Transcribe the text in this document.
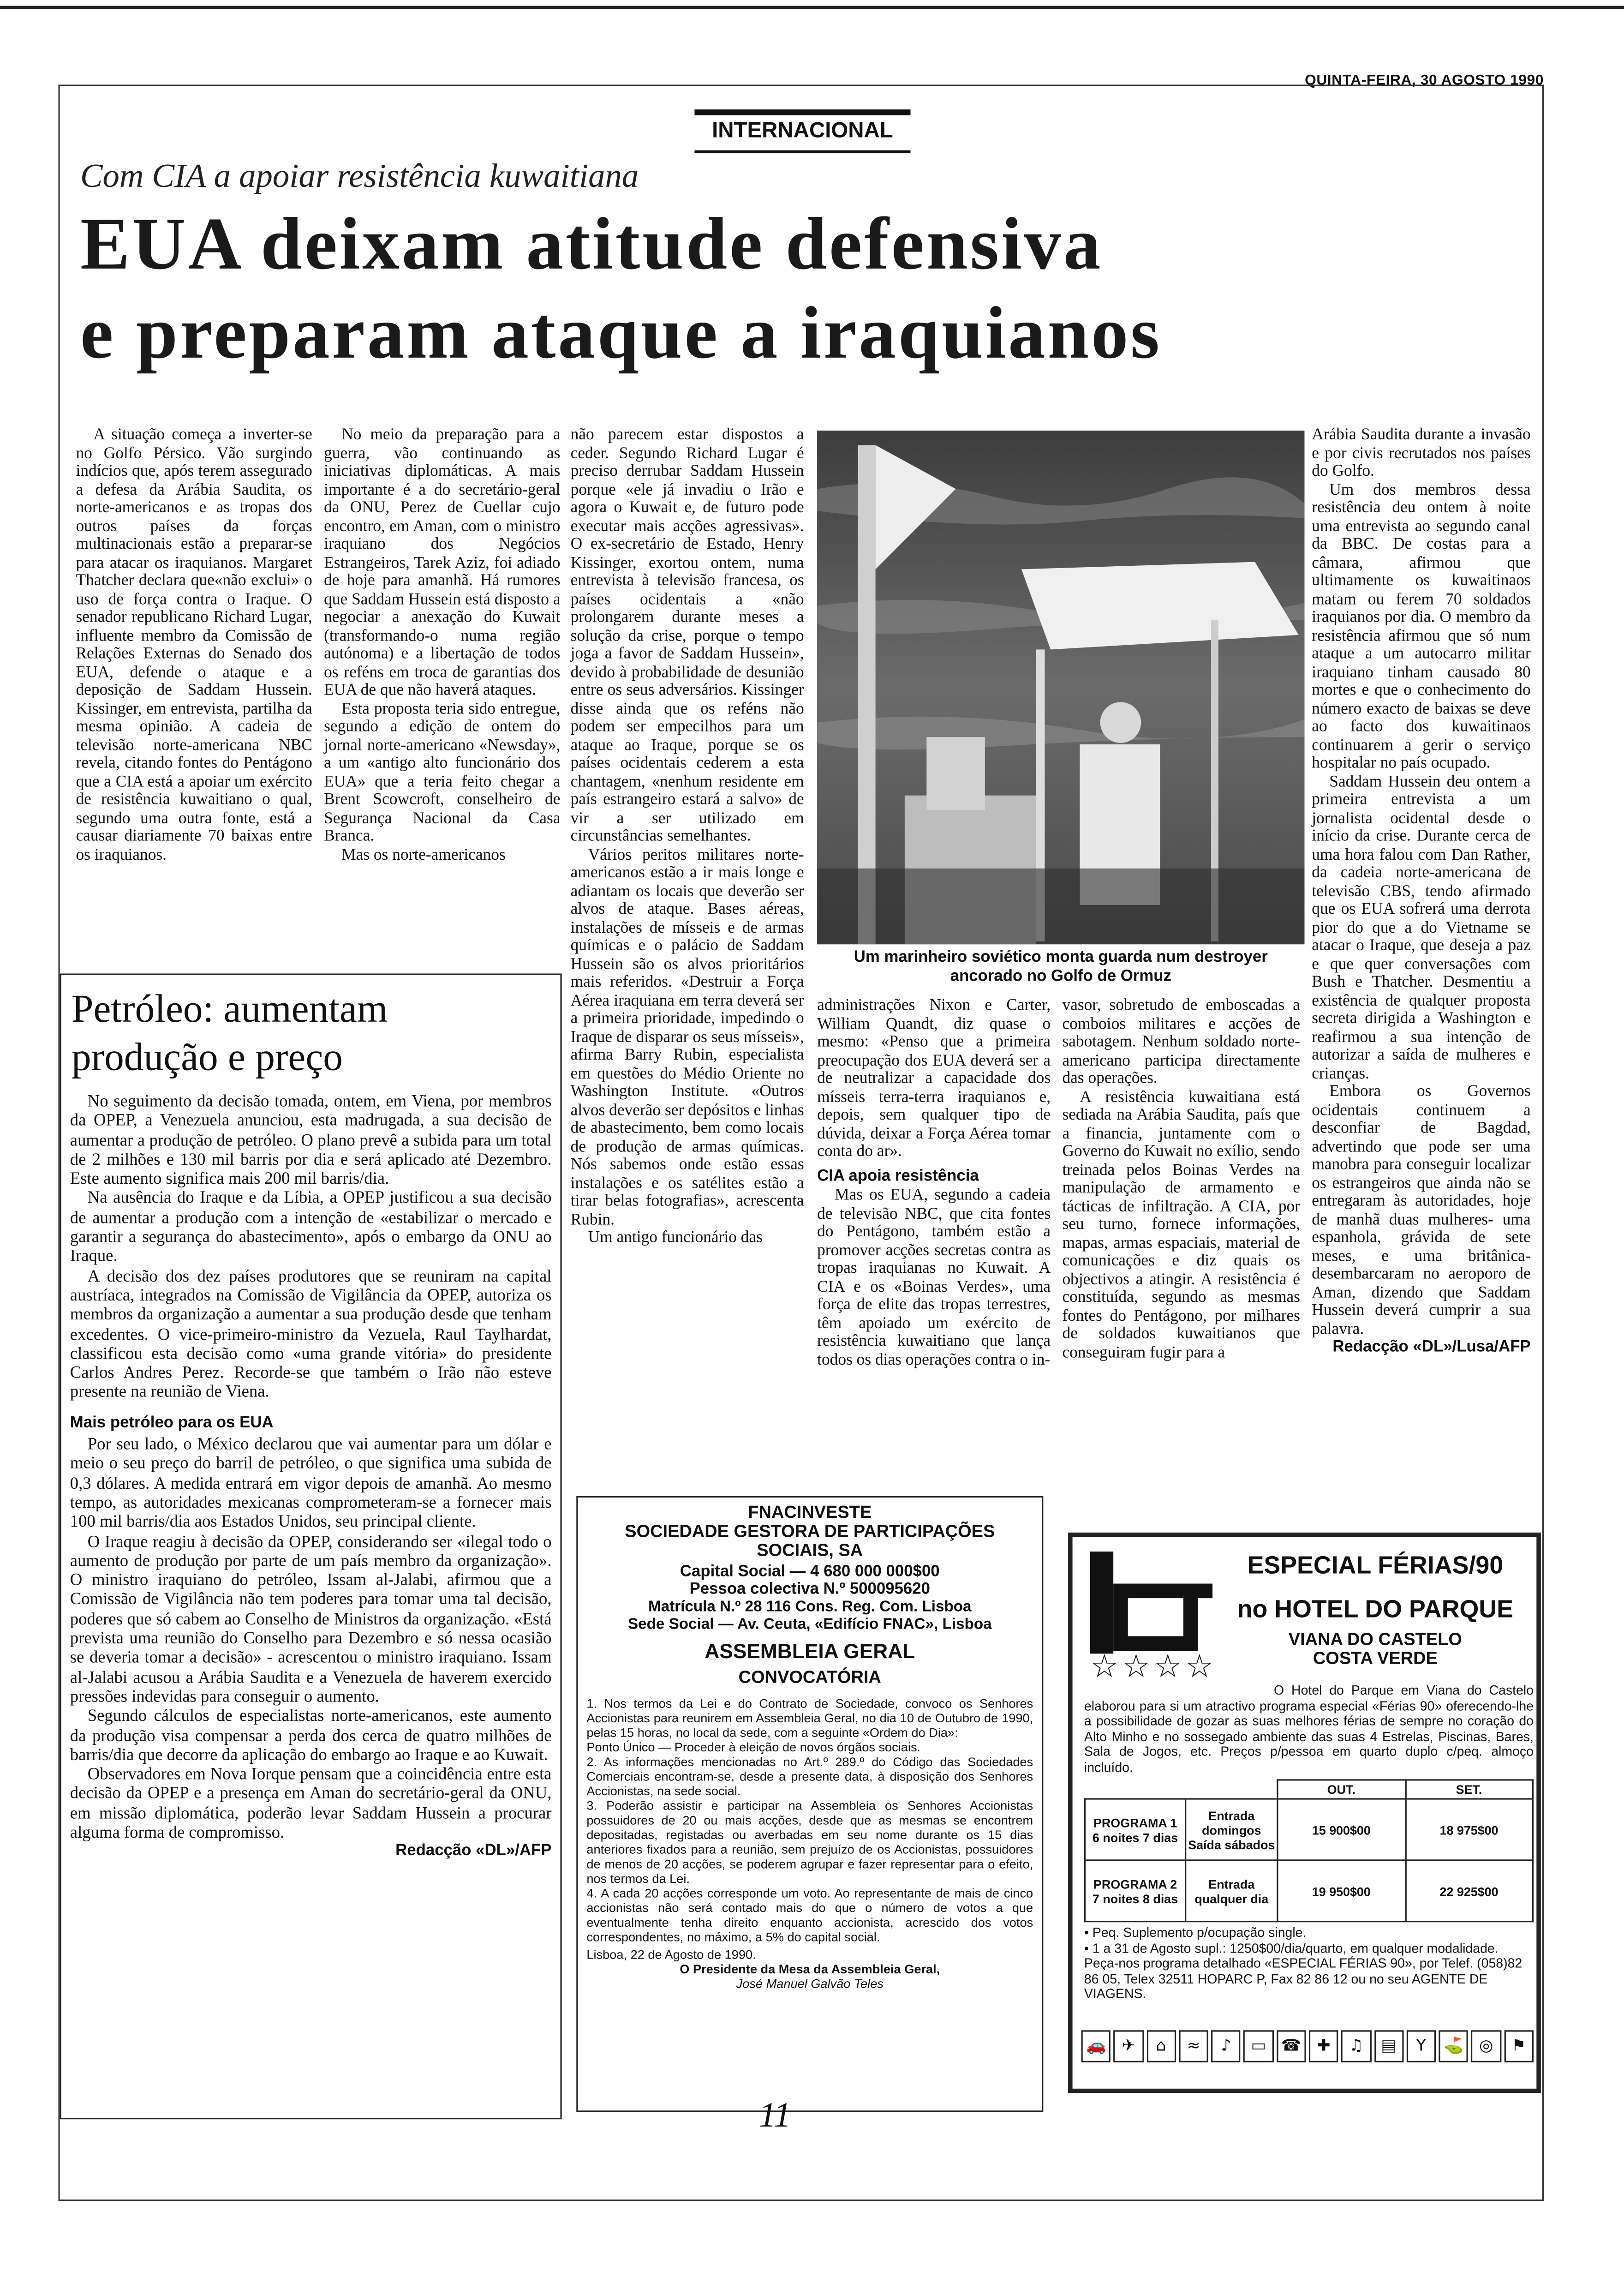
QUINTA-FEIRA, 30 AGOSTO 1990
INTERNACIONAL
Com CIA a apoiar resistência kuwaitiana
EUA deixam atitude defensiva
e preparam ataque a iraquianos

A situação começa a inverter-se no Golfo Pérsico. Vão surgindo indícios que, após terem assegurado a defesa da Arábia Saudita, os norte-americanos e as tropas dos outros países da forças multinacionais estão a preparar-se para atacar os iraquianos. Margaret Thatcher declara que«não exclui» o uso de força contra o Iraque. O senador republicano Richard Lugar, influente membro da Comissão de Relações Externas do Senado dos EUA, defende o ataque e a deposição de Saddam Hussein. Kissinger, em entrevista, partilha da mesma opinião. A cadeia de televisão norte-americana NBC revela, citando fontes do Pentágono que a CIA está a apoiar um exército de resistência kuwaitiano o qual, segundo uma outra fonte, está a causar diariamente 70 baixas entre os iraquianos.

No meio da preparação para a guerra, vão continuando as iniciativas diplomáticas. A mais importante é a do secretário-geral da ONU, Perez de Cuellar cujo encontro, em Aman, com o ministro iraquiano dos Negócios Estrangeiros, Tarek Aziz, foi adiado de hoje para amanhã. Há rumores que Saddam Hussein está disposto a negociar a anexação do Kuwait (transformando-o numa região autónoma) e a libertação de todos os reféns em troca de garantias dos EUA de que não haverá ataques.

Esta proposta teria sido entregue, segundo a edição de ontem do jornal norte-americano «Newsday», a um «antigo alto funcionário dos EUA» que a teria feito chegar a Brent Scowcroft, conselheiro de Segurança Nacional da Casa Branca.

Mas os norte-americanos

não parecem estar dispostos a ceder. Segundo Richard Lugar é preciso derrubar Saddam Hussein porque «ele já invadiu o Irão e agora o Kuwait e, de futuro pode executar mais acções agressivas». O ex-secretário de Estado, Henry Kissinger, exortou ontem, numa entrevista à televisão francesa, os países ocidentais a «não prolongarem durante meses a solução da crise, porque o tempo joga a favor de Saddam Hussein», devido à probabilidade de desunião entre os seus adversários. Kissinger disse ainda que os reféns não podem ser empecilhos para um ataque ao Iraque, porque se os países ocidentais cederem a esta chantagem, «nenhum residente em país estrangeiro estará a salvo» de vir a ser utilizado em circunstâncias semelhantes.

Vários peritos militares norte-americanos estão a ir mais longe e adiantam os locais que deverão ser alvos de ataque. Bases aéreas, instalações de mísseis e de armas químicas e o palácio de Saddam Hussein são os alvos prioritários mais referidos. «Destruir a Força Aérea iraquiana em terra deverá ser a primeira prioridade, impedindo o Iraque de disparar os seus mísseis», afirma Barry Rubin, especialista em questões do Médio Oriente no Washington Institute. «Outros alvos deverão ser depósitos e linhas de abastecimento, bem como locais de produção de armas químicas. Nós sabemos onde estão essas instalações e os satélites estão a tirar belas fotografias», acrescenta Rubin.

Um antigo funcionário das

Um marinheiro soviético monta guarda num destroyer ancorado no Golfo de Ormuz

administrações Nixon e Carter, William Quandt, diz quase o mesmo: «Penso que a primeira preocupação dos EUA deverá ser a de neutralizar a capacidade dos mísseis terra-terra iraquianos e, depois, sem qualquer tipo de dúvida, deixar a Força Aérea tomar conta do ar».

CIA apoia resistência

Mas os EUA, segundo a cadeia de televisão NBC, que cita fontes do Pentágono, também estão a promover acções secretas contra as tropas iraquianas no Kuwait. A CIA e os «Boinas Verdes», uma força de elite das tropas terrestres, têm apoiado um exército de resistência kuwaitiano que lança todos os dias operações contra o in-

vasor, sobretudo de emboscadas a comboios militares e acções de sabotagem. Nenhum soldado norte-americano participa directamente das operações.

A resistência kuwaitiana está sediada na Arábia Saudita, país que a financia, juntamente com o Governo do Kuwait no exílio, sendo treinada pelos Boinas Verdes na manipulação de armamento e tácticas de infiltração. A CIA, por seu turno, fornece informações, mapas, armas espaciais, material de comunicações e diz quais os objectivos a atingir. A resistência é constituída, segundo as mesmas fontes do Pentágono, por milhares de soldados kuwaitianos que conseguiram fugir para a

Arábia Saudita durante a invasão e por civis recrutados nos países do Golfo.

Um dos membros dessa resistência deu ontem à noite uma entrevista ao segundo canal da BBC. De costas para a câmara, afirmou que ultimamente os kuwaitinaos matam ou ferem 70 soldados iraquianos por dia. O membro da resistência afirmou que só num ataque a um autocarro militar iraquiano tinham causado 80 mortes e que o conhecimento do número exacto de baixas se deve ao facto dos kuwaitinaos continuarem a gerir o serviço hospitalar no país ocupado.

Saddam Hussein deu ontem a primeira entrevista a um jornalista ocidental desde o início da crise. Durante cerca de uma hora falou com Dan Rather, da cadeia norte-americana de televisão CBS, tendo afirmado que os EUA sofrerá uma derrota pior do que a do Vietname se atacar o Iraque, que deseja a paz e que quer conversações com Bush e Thatcher. Desmentiu a existência de qualquer proposta secreta dirigida a Washington e reafirmou a sua intenção de autorizar a saída de mulheres e crianças.

Embora os Governos ocidentais continuem a desconfiar de Bagdad, advertindo que pode ser uma manobra para conseguir localizar os estrangeiros que ainda não se entregaram às autoridades, hoje de manhã duas mulheres- uma espanhola, grávida de sete meses, e uma britânica- desembarcaram no aeroporo de Aman, dizendo que Saddam Hussein deverá cumprir a sua palavra.

Redacção «DL»/Lusa/AFP
Petróleo: aumentam
produção e preço

No seguimento da decisão tomada, ontem, em Viena, por membros da OPEP, a Venezuela anunciou, esta madrugada, a sua decisão de aumentar a produção de petróleo. O plano prevê a subida para um total de 2 milhões e 130 mil barris por dia e será aplicado até Dezembro. Este aumento significa mais 200 mil barris/dia.

Na ausência do Iraque e da Líbia, a OPEP justificou a sua decisão de aumentar a produção com a intenção de «estabilizar o mercado e garantir a segurança do abastecimento», após o embargo da ONU ao Iraque.

A decisão dos dez países produtores que se reuniram na capital austríaca, integrados na Comissão de Vigilância da OPEP, autoriza os membros da organização a aumentar a sua produção desde que tenham excedentes. O vice-primeiro-ministro da Vezuela, Raul Taylhardat, classificou esta decisão como «uma grande vitória» do presidente Carlos Andres Perez. Recorde-se que também o Irão não esteve presente na reunião de Viena.

Mais petróleo para os EUA

Por seu lado, o México declarou que vai aumentar para um dólar e meio o seu preço do barril de petróleo, o que significa uma subida de 0,3 dólares. A medida entrará em vigor depois de amanhã. Ao mesmo tempo, as autoridades mexicanas comprometeram-se a fornecer mais 100 mil barris/dia aos Estados Unidos, seu principal cliente.

O Iraque reagiu à decisão da OPEP, considerando ser «ilegal todo o aumento de produção por parte de um país membro da organização». O ministro iraquiano do petróleo, Issam al-Jalabi, afirmou que a Comissão de Vigilância não tem poderes para tomar uma tal decisão, poderes que só cabem ao Conselho de Ministros da organização. «Está prevista uma reunião do Conselho para Dezembro e só nessa ocasião se deveria tomar a decisão» - acrescentou o ministro iraquiano. Issam al-Jalabi acusou a Arábia Saudita e a Venezuela de haverem exercido pressões indevidas para conseguir o aumento.

Segundo cálculos de especialistas norte-americanos, este aumento da produção visa compensar a perda dos cerca de quatro milhões de barris/dia que decorre da aplicação do embargo ao Iraque e ao Kuwait.

Observadores em Nova Iorque pensam que a coincidência entre esta decisão da OPEP e a presença em Aman do secretário-geral da ONU, em missão diplomática, poderão levar Saddam Hussein a procurar alguma forma de compromisso.

Redacção «DL»/AFP
FNACINVESTE
SOCIEDADE GESTORA DE PARTICIPAÇÕES SOCIAIS, SA
Capital Social — 4 680 000 000$00
Pessoa colectiva N.º 500095620
Matrícula N.º 28 116 Cons. Reg. Com. Lisboa
Sede Social — Av. Ceuta, «Edifício FNAC», Lisboa
ASSEMBLEIA GERAL
CONVOCATÓRIA
1. Nos termos da Lei e do Contrato de Sociedade, convoco os Senhores Accionistas para reunirem em Assembleia Geral, no dia 10 de Outubro de 1990, pelas 15 horas, no local da sede, com a seguinte «Ordem do Dia»:
Ponto Único — Proceder à eleição de novos órgãos sociais.
2. As informações mencionadas no Art.º 289.º do Código das Sociedades Comerciais encontram-se, desde a presente data, à disposição dos Senhores Accionistas, na sede social.
3. Poderão assistir e participar na Assembleia os Senhores Accionistas possuidores de 20 ou mais acções, desde que as mesmas se encontrem depositadas, registadas ou averbadas em seu nome durante os 15 dias anteriores fixados para a reunião, sem prejuízo de os Accionistas, possuidores de menos de 20 acções, se poderem agrupar e fazer representar para o efeito, nos termos da Lei.
4. A cada 20 acções corresponde um voto. Ao representante de mais de cinco accionistas não será contado mais do que o número de votos a que eventualmente tenha direito enquanto accionista, acrescido dos votos correspondentes, no máximo, a 5% do capital social.
Lisboa, 22 de Agosto de 1990.
O Presidente da Mesa da Assembleia Geral,
José Manuel Galvão Teles
ESPECIAL FÉRIAS/90
no HOTEL DO PARQUE
VIANA DO CASTELO
COSTA VERDE
☆☆☆☆
O Hotel do Parque em Viana do Castelo elaborou para si um atractivo programa especial «Férias 90» oferecendo-lhe a possibilidade de gozar as suas melhores férias de sempre no coração do Alto Minho e no sossegado ambiente das suas 4 Estrelas, Piscinas, Bares, Sala de Jogos, etc. Preços p/pessoa em quarto duplo c/peq. almoço incluído.
		OUT.	SET.

PROGRAMA 1
6 noites 7 dias	Entrada domingos Saída sábados	15 900$00	18 975$00

PROGRAMA 2
7 noites 8 dias	Entrada qualquer dia	19 950$00	22 925$00
• Peq. Suplemento p/ocupação single.
• 1 a 31 de Agosto supl.: 1250$00/dia/quarto, em qualquer modalidade.
Peça-nos programa detalhado «ESPECIAL FÉRIAS 90», por Telef. (058)82 86 05, Telex 32511 HOPARC P, Fax 82 86 12 ou no seu AGENTE DE VIAGENS.
🚗	✈	⌂	≈	♪	▭	☎	✚	♫	▤	Y	⛳	◎	⚑
11
